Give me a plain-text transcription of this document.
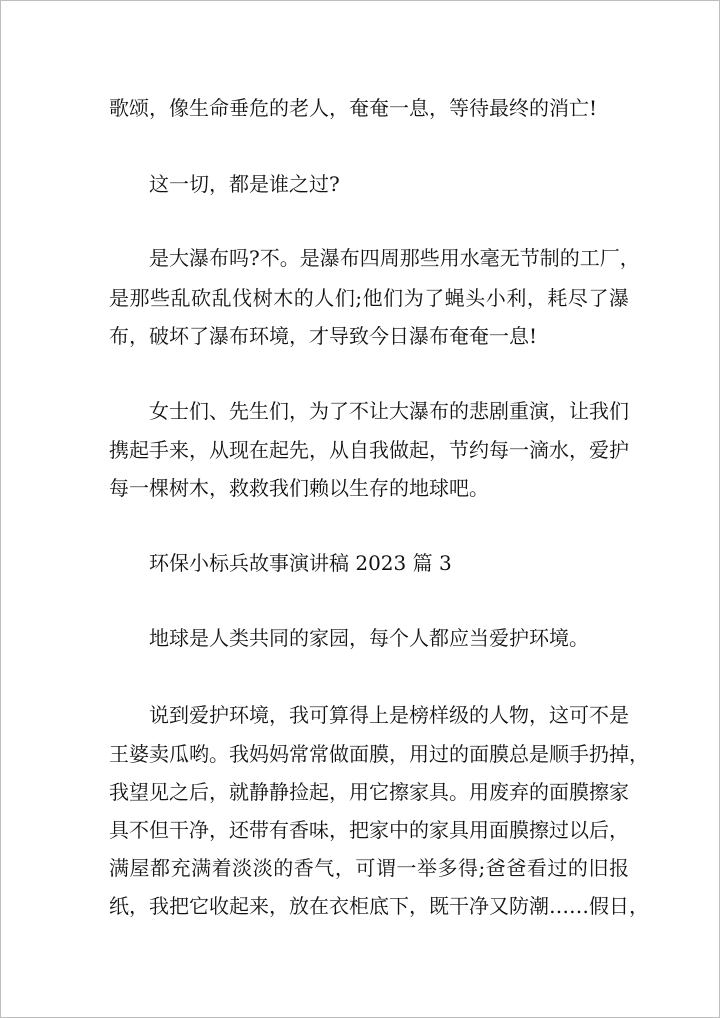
歌颂，像生命垂危的老人，奄奄一息，等待最终的消亡!
这一切，都是谁之过?
是大瀑布吗?不。是瀑布四周那些用水毫无节制的工厂，
是那些乱砍乱伐树木的人们;他们为了蝇头小利，耗尽了瀑
布，破坏了瀑布环境，才导致今日瀑布奄奄一息!
女士们、先生们，为了不让大瀑布的悲剧重演，让我们
携起手来，从现在起先，从自我做起，节约每一滴水，爱护
每一棵树木，救救我们赖以生存的地球吧。
环保小标兵故事演讲稿 2023 篇 3
地球是人类共同的家园，每个人都应当爱护环境。
说到爱护环境，我可算得上是榜样级的人物，这可不是
王婆卖瓜哟。我妈妈常常做面膜，用过的面膜总是顺手扔掉，
我望见之后，就静静捡起，用它擦家具。用废弃的面膜擦家
具不但干净，还带有香味，把家中的家具用面膜擦过以后，
满屋都充满着淡淡的香气，可谓一举多得;爸爸看过的旧报
纸，我把它收起来，放在衣柜底下，既干净又防潮……假日，
